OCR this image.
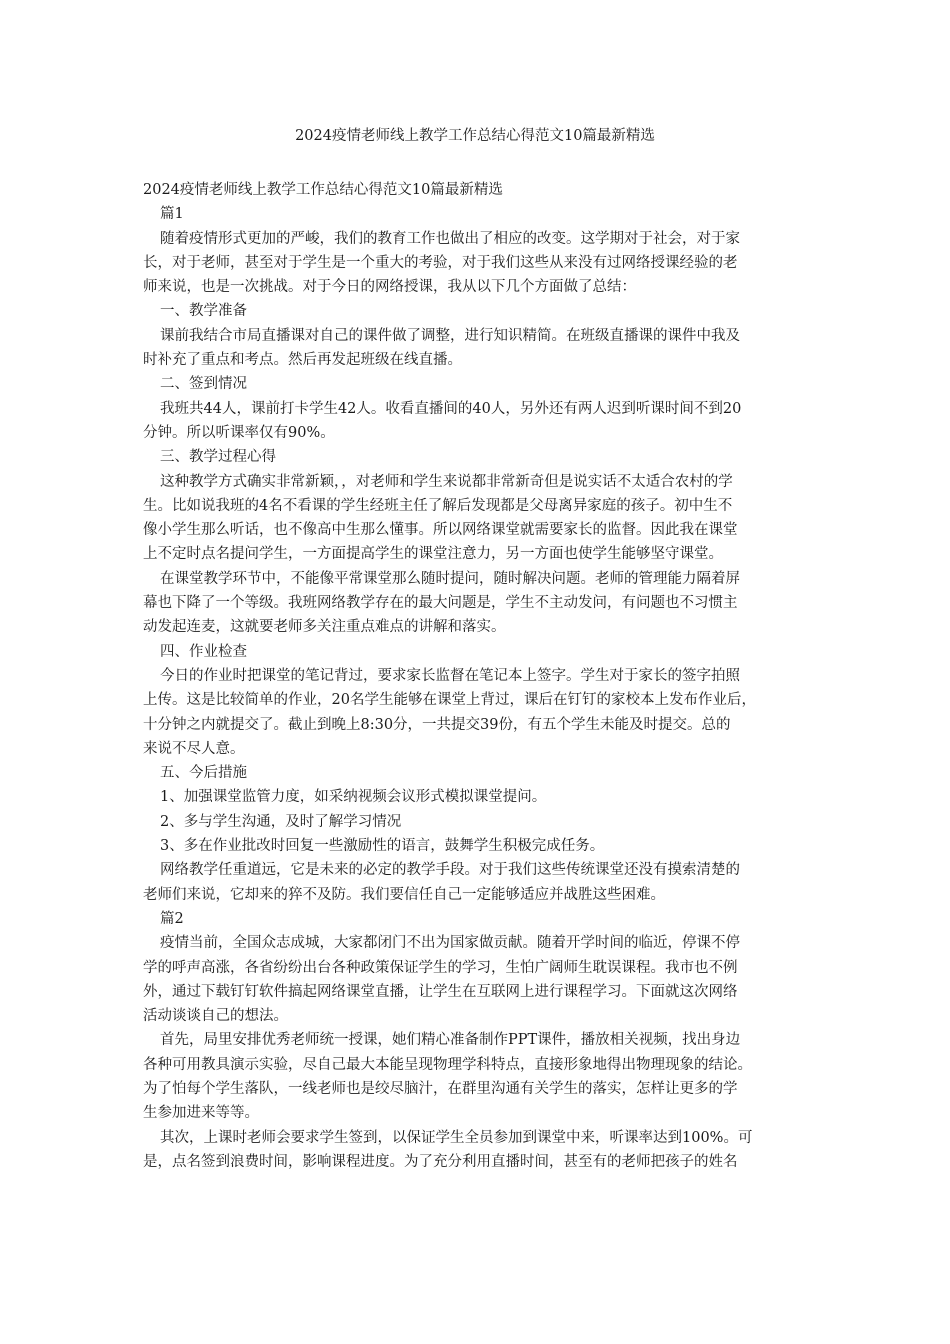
2024疫情老师线上教学工作总结心得范文10篇最新精选
2024疫情老师线上教学工作总结心得范文10篇最新精选
篇1
随着疫情形式更加的严峻，我们的教育工作也做出了相应的改变。这学期对于社会，对于家
长，对于老师，甚至对于学生是一个重大的考验，对于我们这些从来没有过网络授课经验的老
师来说，也是一次挑战。对于今日的网络授课，我从以下几个方面做了总结：
一、教学准备
课前我结合市局直播课对自己的课件做了调整，进行知识精简。在班级直播课的课件中我及
时补充了重点和考点。然后再发起班级在线直播。
二、签到情况
我班共44人，课前打卡学生42人。收看直播间的40人，另外还有两人迟到听课时间不到20
分钟。所以听课率仅有90%。
三、教学过程心得
这种教学方式确实非常新颖，，对老师和学生来说都非常新奇但是说实话不太适合农村的学
生。比如说我班的4名不看课的学生经班主任了解后发现都是父母离异家庭的孩子。初中生不
像小学生那么听话，也不像高中生那么懂事。所以网络课堂就需要家长的监督。因此我在课堂
上不定时点名提问学生，一方面提高学生的课堂注意力，另一方面也使学生能够坚守课堂。
在课堂教学环节中，不能像平常课堂那么随时提问，随时解决问题。老师的管理能力隔着屏
幕也下降了一个等级。我班网络教学存在的最大问题是，学生不主动发问，有问题也不习惯主
动发起连麦，这就要老师多关注重点难点的讲解和落实。
四、作业检查
今日的作业时把课堂的笔记背过，要求家长监督在笔记本上签字。学生对于家长的签字拍照
上传。这是比较简单的作业，20名学生能够在课堂上背过，课后在钉钉的家校本上发布作业后，
十分钟之内就提交了。截止到晚上8:30分，一共提交39份，有五个学生未能及时提交。总的
来说不尽人意。
五、今后措施
1、加强课堂监管力度，如采纳视频会议形式模拟课堂提问。
2、多与学生沟通，及时了解学习情况
3、多在作业批改时回复一些激励性的语言，鼓舞学生积极完成任务。
网络教学任重道远，它是未来的必定的教学手段。对于我们这些传统课堂还没有摸索清楚的
老师们来说，它却来的猝不及防。我们要信任自己一定能够适应并战胜这些困难。
篇2
疫情当前，全国众志成城，大家都闭门不出为国家做贡献。随着开学时间的临近，停课不停
学的呼声高涨，各省纷纷出台各种政策保证学生的学习，生怕广阔师生耽误课程。我市也不例
外，通过下载钉钉软件搞起网络课堂直播，让学生在互联网上进行课程学习。下面就这次网络
活动谈谈自己的想法。
首先，局里安排优秀老师统一授课，她们精心准备制作PPT课件，播放相关视频，找出身边
各种可用教具演示实验，尽自己最大本能呈现物理学科特点，直接形象地得出物理现象的结论。
为了怕每个学生落队，一线老师也是绞尽脑汁，在群里沟通有关学生的落实，怎样让更多的学
生参加进来等等。
其次，上课时老师会要求学生签到，以保证学生全员参加到课堂中来，听课率达到100%。可
是，点名签到浪费时间，影响课程进度。为了充分利用直播时间，甚至有的老师把孩子的姓名
